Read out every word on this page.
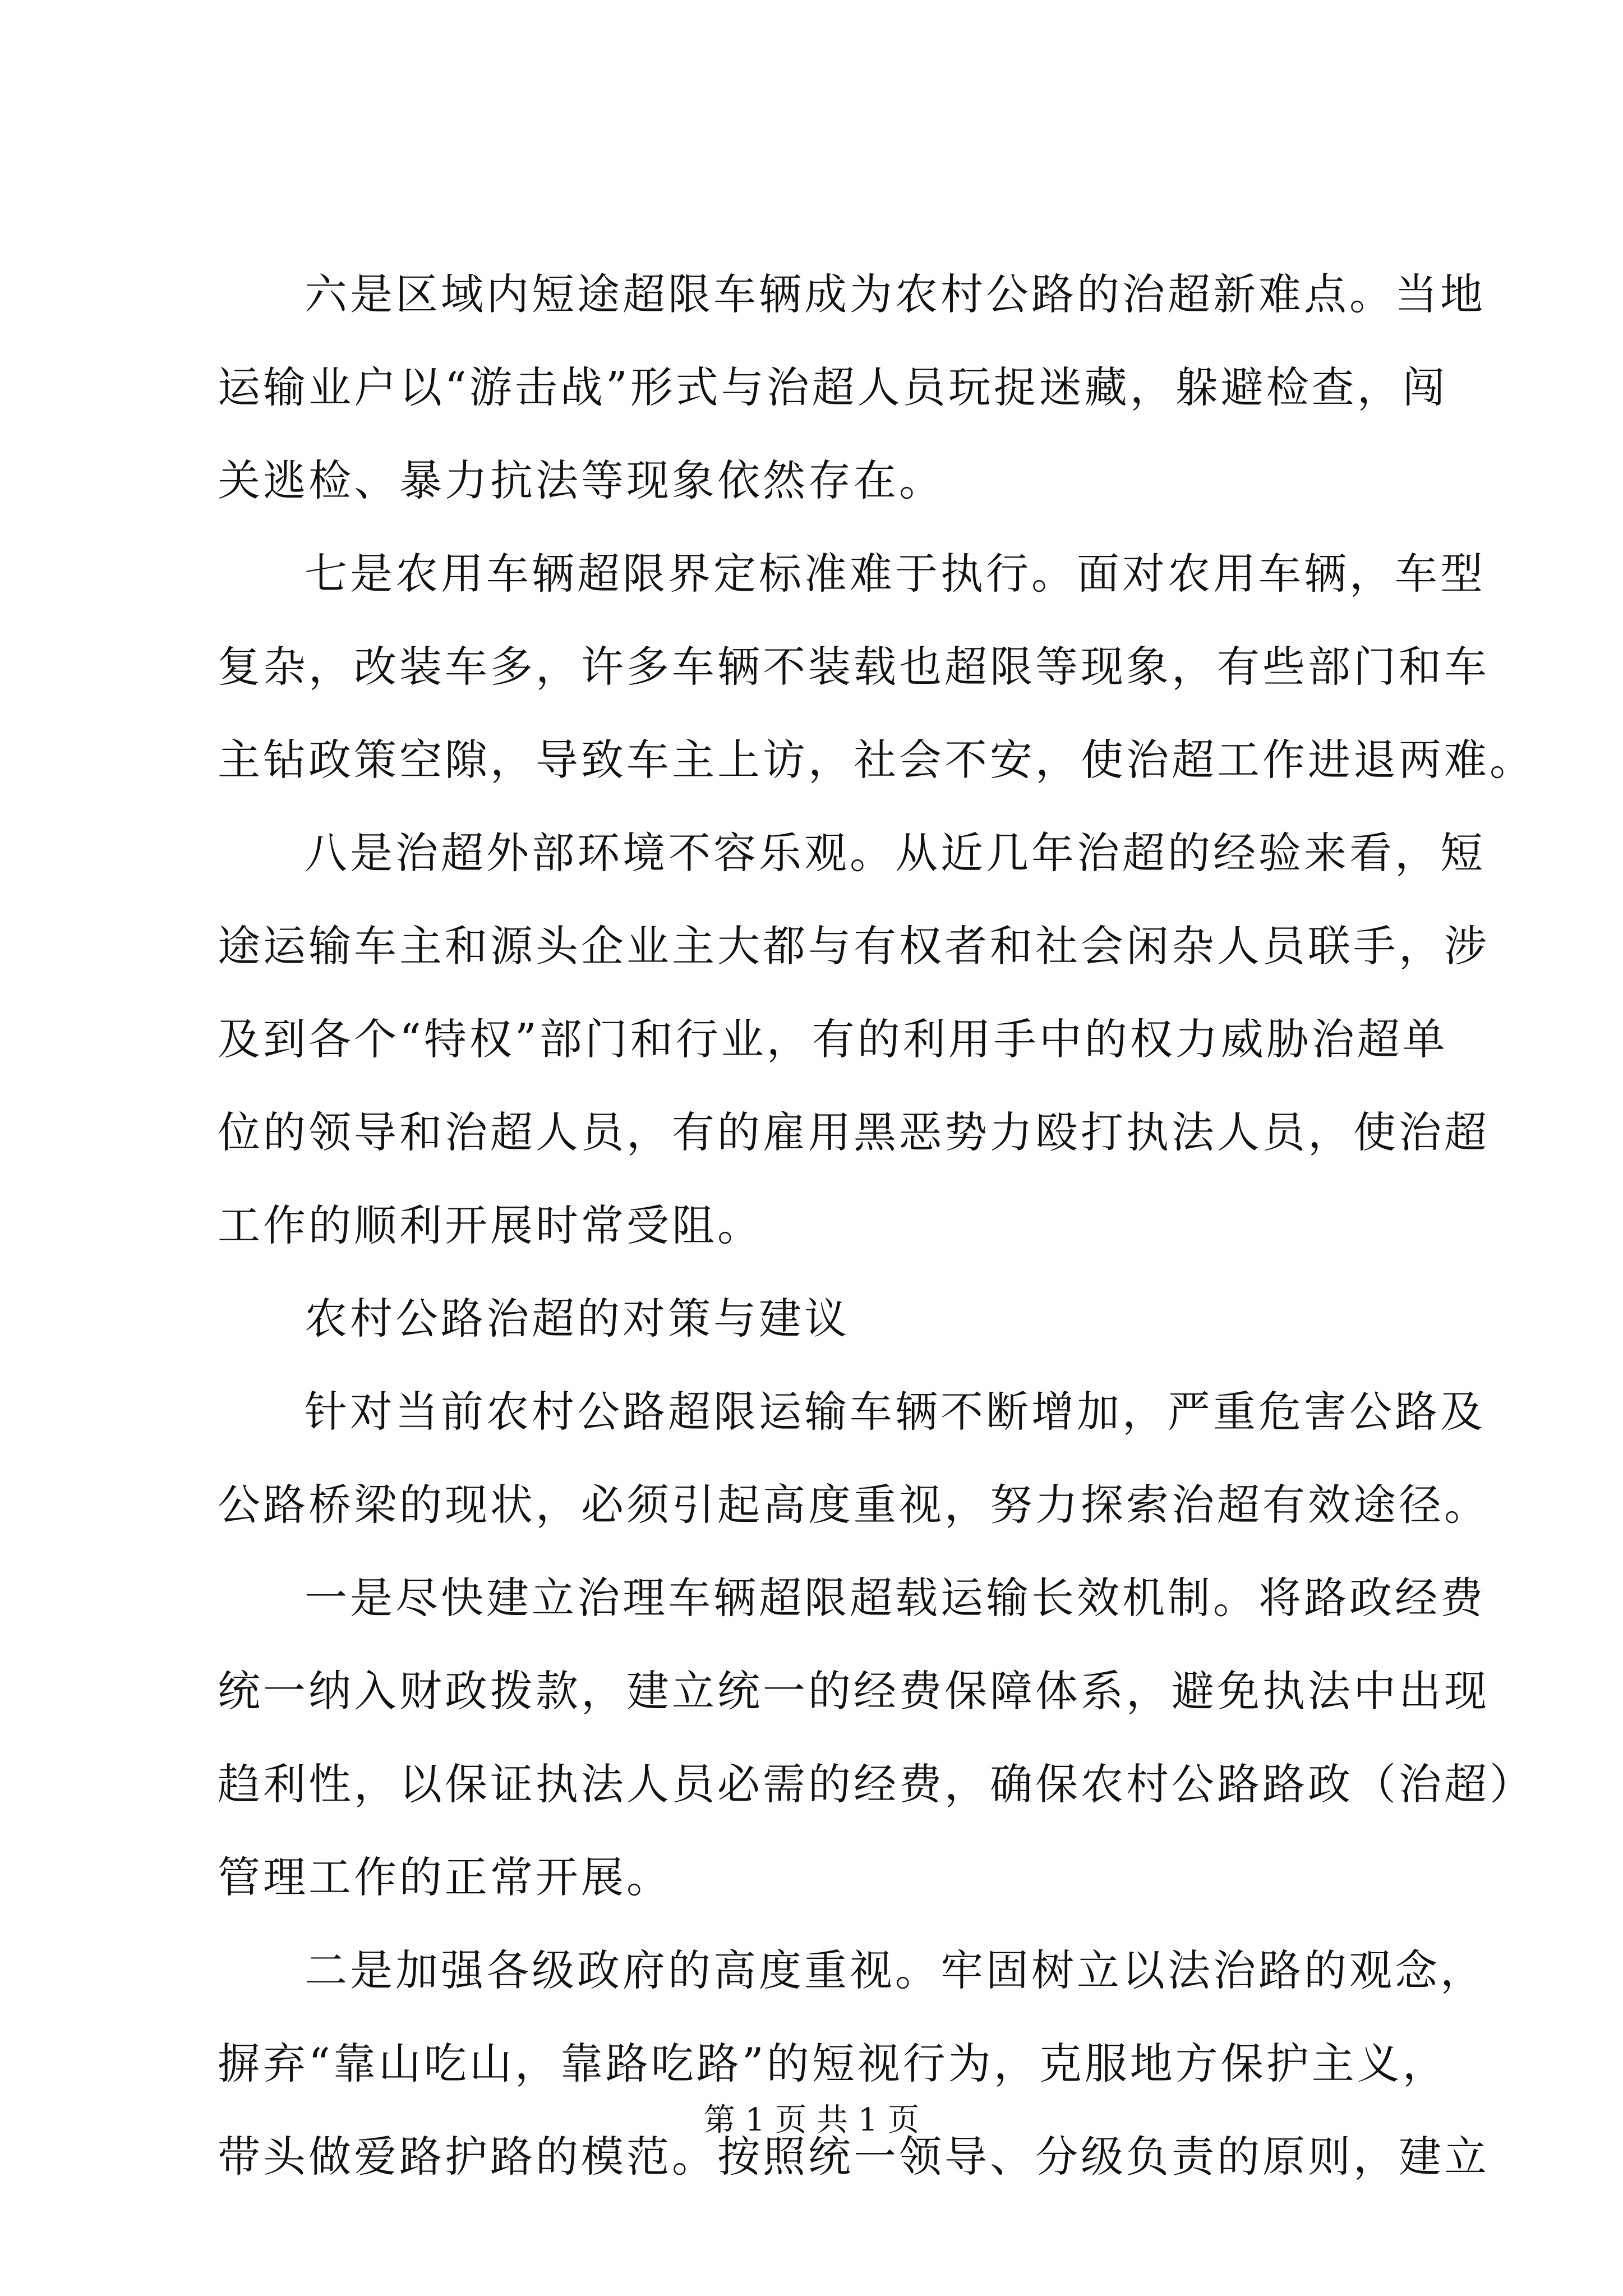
六是区域内短途超限车辆成为农村公路的治超新难点。当地
运输业户以“游击战”形式与治超人员玩捉迷藏，躲避检查，闯
关逃检、暴力抗法等现象依然存在。
七是农用车辆超限界定标准难于执行。面对农用车辆，车型
复杂，改装车多，许多车辆不装载也超限等现象，有些部门和车
主钻政策空隙，导致车主上访，社会不安，使治超工作进退两难。
八是治超外部环境不容乐观。从近几年治超的经验来看，短
途运输车主和源头企业主大都与有权者和社会闲杂人员联手，涉
及到各个“特权”部门和行业，有的利用手中的权力威胁治超单
位的领导和治超人员，有的雇用黑恶势力殴打执法人员，使治超
工作的顺利开展时常受阻。
农村公路治超的对策与建议
针对当前农村公路超限运输车辆不断增加，严重危害公路及
公路桥梁的现状，必须引起高度重视，努力探索治超有效途径。
一是尽快建立治理车辆超限超载运输长效机制。将路政经费
统一纳入财政拨款，建立统一的经费保障体系，避免执法中出现
趋利性，以保证执法人员必需的经费，确保农村公路路政（治超）
管理工作的正常开展。
二是加强各级政府的高度重视。牢固树立以法治路的观念，
摒弃“靠山吃山，靠路吃路”的短视行为，克服地方保护主义，
带头做爱路护路的模范。按照统一领导、分级负责的原则，建立
第 1 页 共 1 页
